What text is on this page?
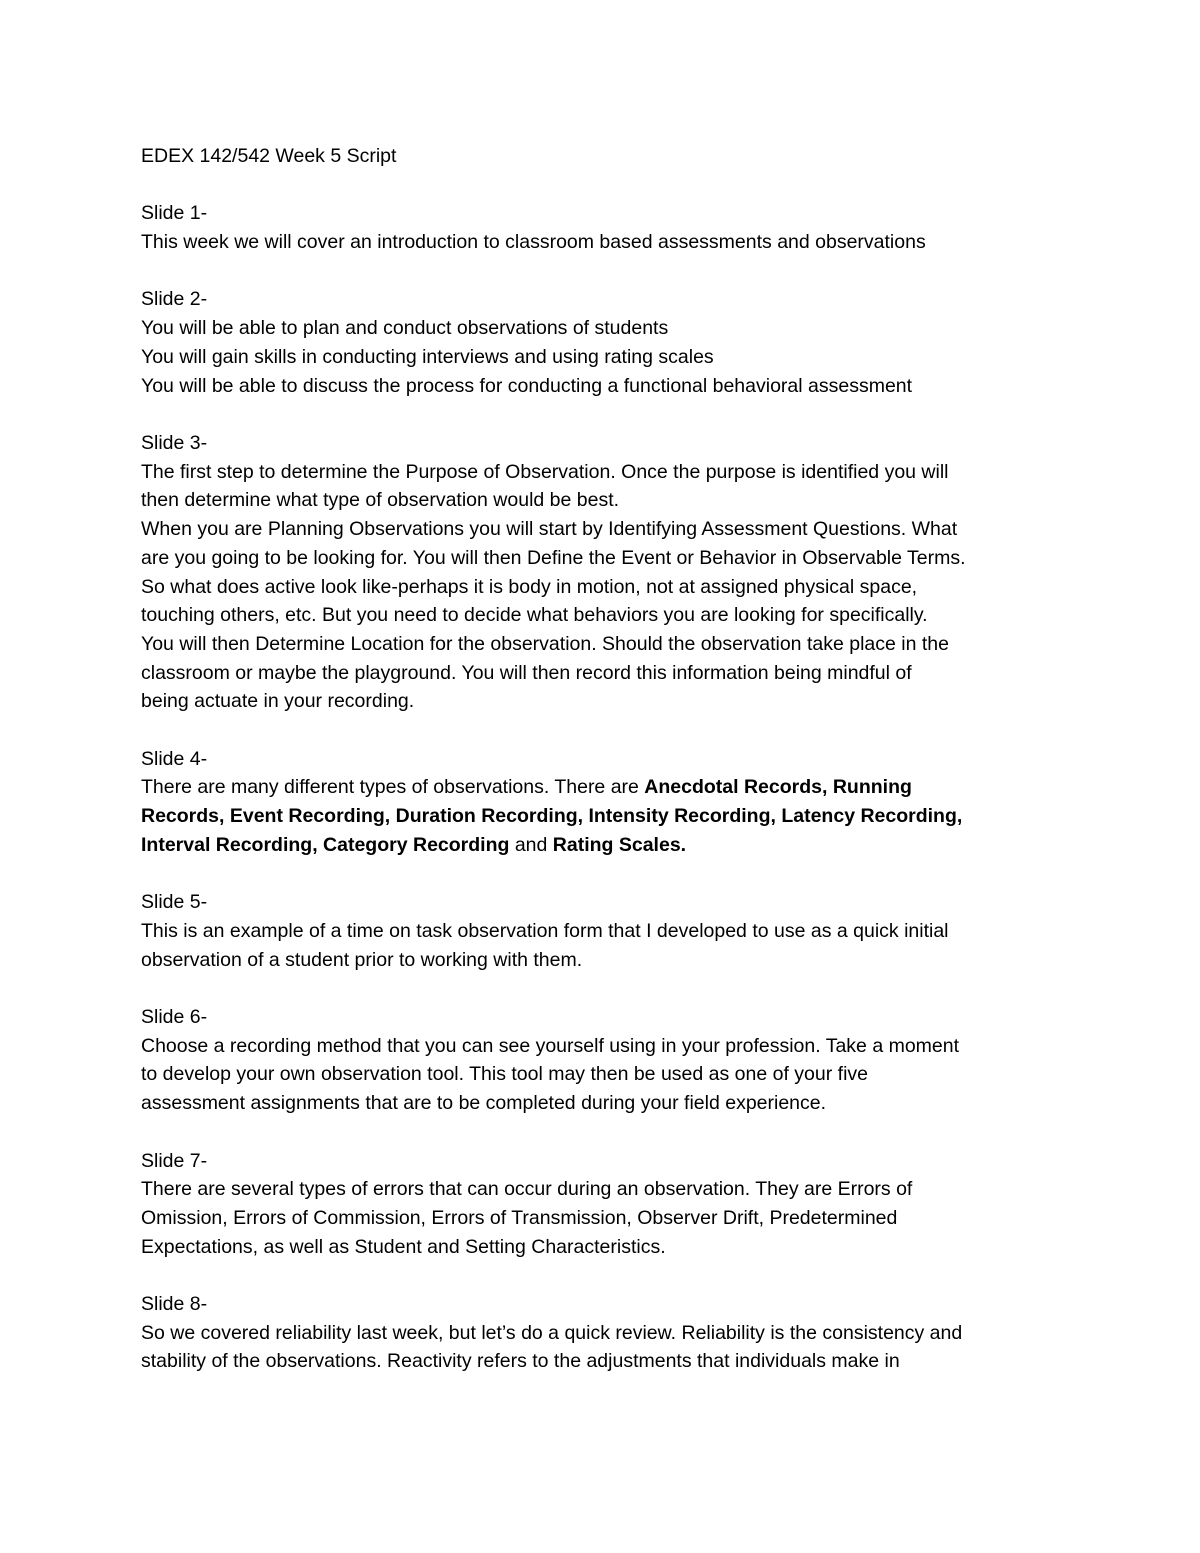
EDEX 142/542 Week 5 Script
Slide 1-
This week we will cover an introduction to classroom based assessments and observations
Slide 2-
You will be able to plan and conduct observations of students
You will gain skills in conducting interviews and using rating scales
You will be able to discuss the process for conducting a functional behavioral assessment
Slide 3-
The first step to determine the Purpose of Observation. Once the purpose is identified you will
then determine what type of observation would be best.
When you are Planning Observations you will start by Identifying Assessment Questions. What
are you going to be looking for. You will then Define the Event or Behavior in Observable Terms.
So what does active look like-perhaps it is body in motion, not at assigned physical space,
touching others, etc. But you need to decide what behaviors you are looking for specifically.
You will then Determine Location for the observation. Should the observation take place in the
classroom or maybe the playground. You will then record this information being mindful of
being actuate in your recording.
Slide 4-
There are many different types of observations. There are Anecdotal Records, Running
Records, Event Recording, Duration Recording, Intensity Recording, Latency Recording,
Interval Recording, Category Recording and Rating Scales.
Slide 5-
This is an example of a time on task observation form that I developed to use as a quick initial
observation of a student prior to working with them.
Slide 6-
Choose a recording method that you can see yourself using in your profession. Take a moment
to develop your own observation tool. This tool may then be used as one of your five
assessment assignments that are to be completed during your field experience.
Slide 7-
There are several types of errors that can occur during an observation. They are Errors of
Omission, Errors of Commission, Errors of Transmission, Observer Drift, Predetermined
Expectations, as well as Student and Setting Characteristics.
Slide 8-
So we covered reliability last week, but let’s do a quick review. Reliability is the consistency and
stability of the observations. Reactivity refers to the adjustments that individuals make in
